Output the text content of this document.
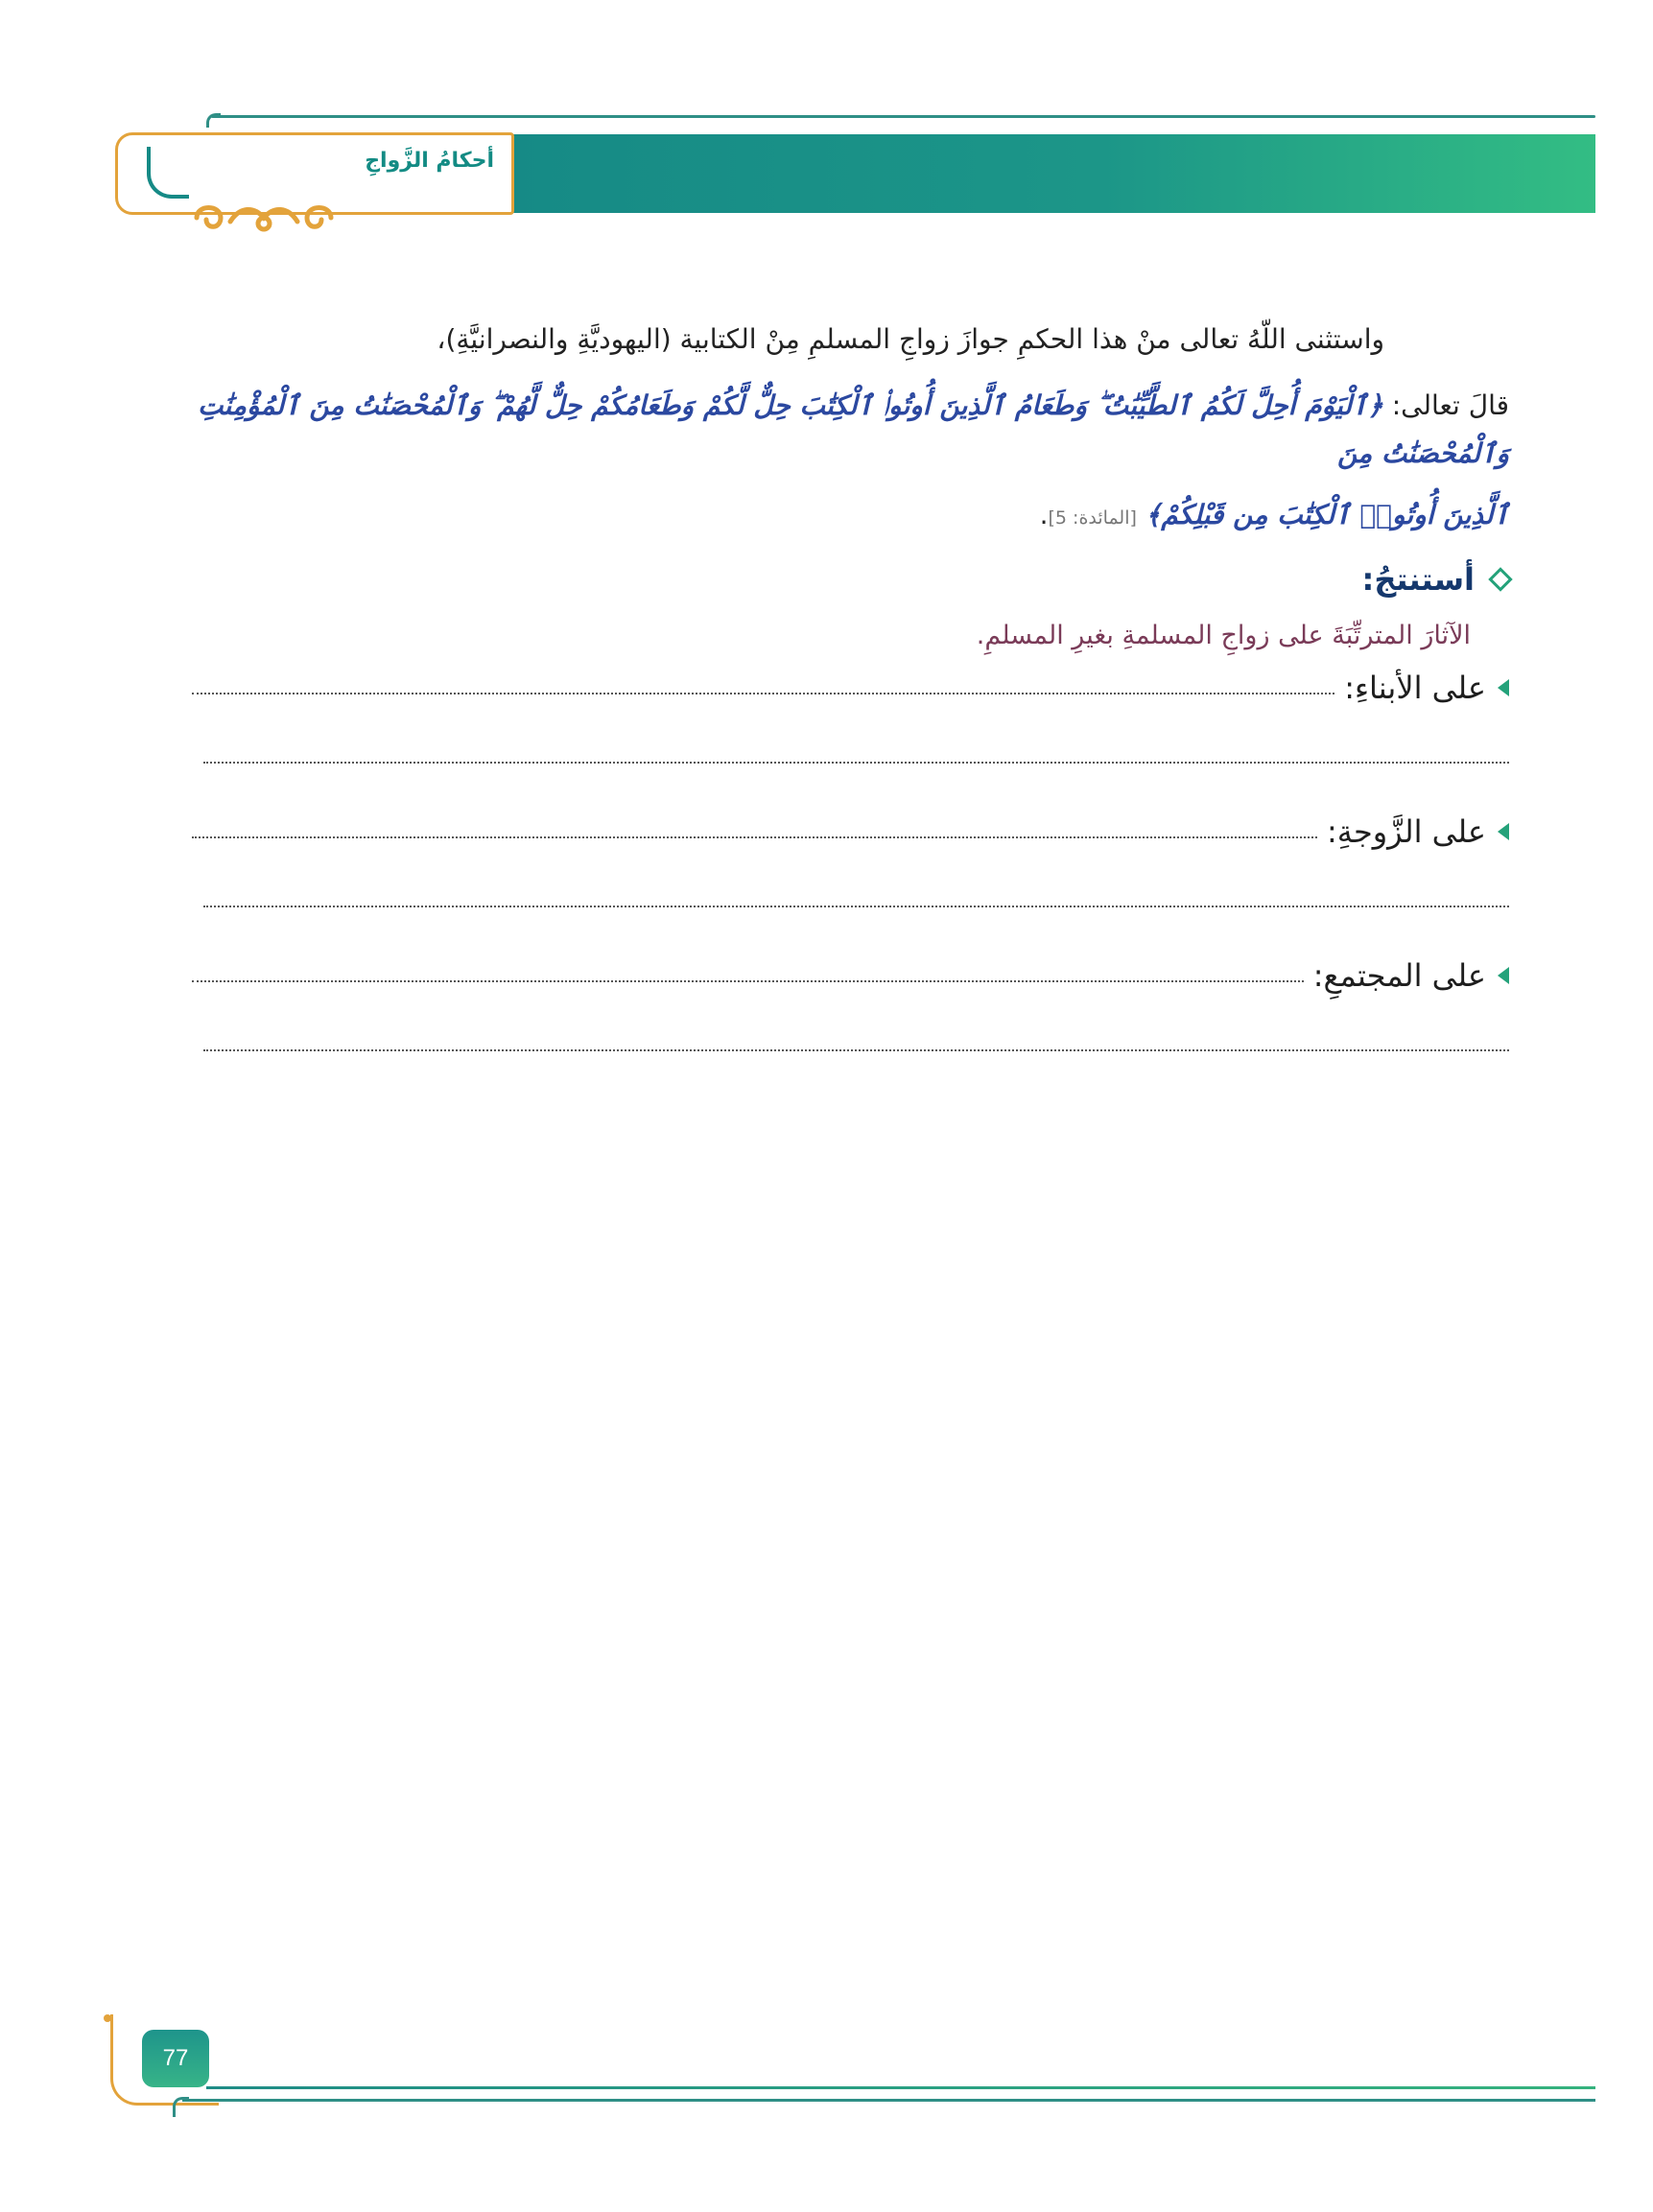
أحكامُ الزَّواجِ

واستثنى اللّهُ تعالى منْ هذا الحكمِ جوازَ زواجِ المسلمِ مِنْ الكتابية (اليهوديَّةِ والنصرانيَّةِ)،

قالَ تعالى: ﴿ٱلْيَوْمَ أُحِلَّ لَكُمُ ٱلطَّيِّبَٰتُ ۖ وَطَعَامُ ٱلَّذِينَ أُوتُوا۟ ٱلْكِتَٰبَ حِلٌّ لَّكُمْ وَطَعَامُكُمْ حِلٌّ لَّهُمْ ۖ وَٱلْمُحْصَنَٰتُ مِنَ ٱلْمُؤْمِنَٰتِ وَٱلْمُحْصَنَٰتُ مِنَ

ٱلَّذِينَ أُوتُوا۟ ٱلْكِتَٰبَ مِن قَبْلِكُمْ﴾ [المائدة: 5].

أستنتجُ:
الآثارَ المترتِّبَةَ على زواجِ المسلمةِ بغيرِ المسلمِ.
على الأبناءِ:
على الزَّوجةِ:
على المجتمعِ:
77
